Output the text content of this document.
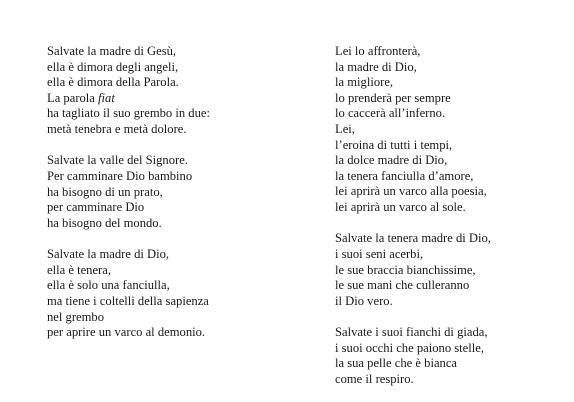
Salvate la madre di Gesù,
ella è dimora degli angeli,
ella è dimora della Parola.
La parola fiat
ha tagliato il suo grembo in due:
metà tenebra e metà dolore.
Salvate la valle del Signore.
Per camminare Dio bambino
ha bisogno di un prato,
per camminare Dio
ha bisogno del mondo.
Salvate la madre di Dio,
ella è tenera,
ella è solo una fanciulla,
ma tiene i coltelli della sapienza
nel grembo
per aprire un varco al demonio.
Lei lo affronterà,
la madre di Dio,
la migliore,
lo prenderà per sempre
lo caccerà all’inferno.
Lei,
l’eroina di tutti i tempi,
la dolce madre di Dio,
la tenera fanciulla d’amore,
lei aprirà un varco alla poesia,
lei aprirà un varco al sole.
Salvate la tenera madre di Dio,
i suoi seni acerbi,
le sue braccia bianchissime,
le sue mani che culleranno
il Dio vero.
Salvate i suoi fianchi di giada,
i suoi occhi che paiono stelle,
la sua pelle che è bianca
come il respiro.
